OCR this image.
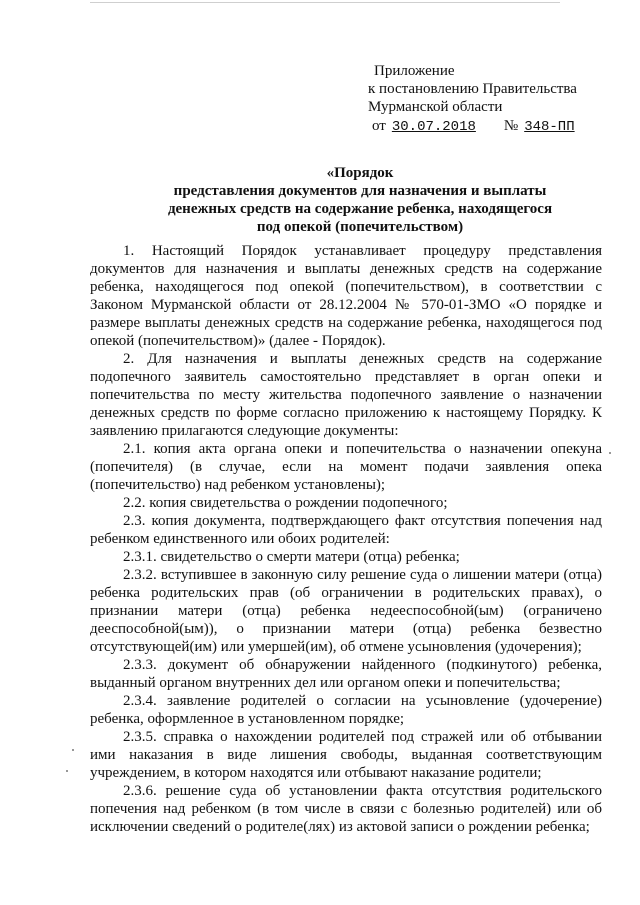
Приложение
к постановлению Правительства
Мурманской области
от 30.07.2018 № 348-ПП
«Порядок
представления документов для назначения и выплаты
денежных средств на содержание ребенка, находящегося
под опекой (попечительством)

1. Настоящий Порядок устанавливает процедуру представления документов для назначения и выплаты денежных средств на содержание ребенка, находящегося под опекой (попечительством), в соответствии с Законом Мурманской области от 28.12.2004 № 570-01-ЗМО «О порядке и размере выплаты денежных средств на содержание ребенка, находящегося под опекой (попечительством)» (далее - Порядок).

2. Для назначения и выплаты денежных средств на содержание подопечного заявитель самостоятельно представляет в орган опеки и попечительства по месту жительства подопечного заявление о назначении денежных средств по форме согласно приложению к настоящему Порядку. К заявлению прилагаются следующие документы:

2.1. копия акта органа опеки и попечительства о назначении опекуна (попечителя) (в случае, если на момент подачи заявления опека (попечительство) над ребенком установлены);

2.2. копия свидетельства о рождении подопечного;

2.3. копия документа, подтверждающего факт отсутствия попечения над ребенком единственного или обоих родителей:

2.3.1. свидетельство о смерти матери (отца) ребенка;

2.3.2. вступившее в законную силу решение суда о лишении матери (отца) ребенка родительских прав (об ограничении в родительских правах), о признании матери (отца) ребенка недееспособной(ым) (ограничено дееспособной(ым)), о признании матери (отца) ребенка безвестно отсутствующей(им) или умершей(им), об отмене усыновления (удочерения);

2.3.3. документ об обнаружении найденного (подкинутого) ребенка, выданный органом внутренних дел или органом опеки и попечительства;

2.3.4. заявление родителей о согласии на усыновление (удочерение) ребенка, оформленное в установленном порядке;

2.3.5. справка о нахождении родителей под стражей или об отбывании ими наказания в виде лишения свободы, выданная соответствующим учреждением, в котором находятся или отбывают наказание родители;

2.3.6. решение суда об установлении факта отсутствия родительского попечения над ребенком (в том числе в связи с болезнью родителей) или об исключении сведений о родителе(лях) из актовой записи о рождении ребенка;
